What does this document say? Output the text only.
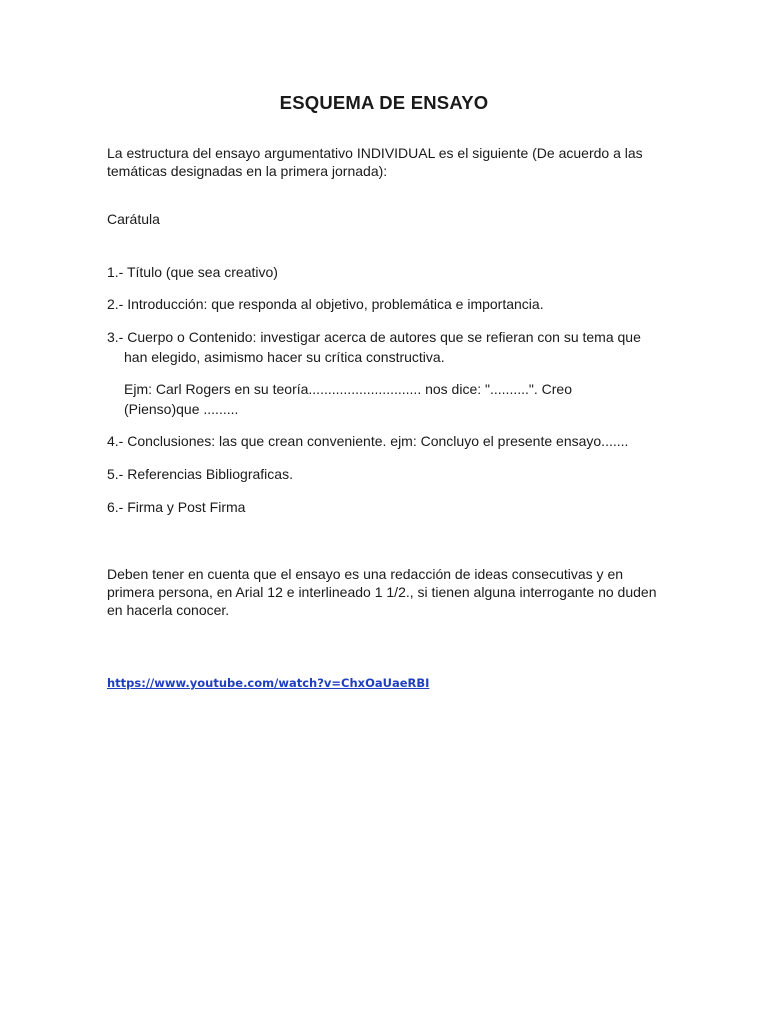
ESQUEMA DE ENSAYO
La estructura del ensayo argumentativo INDIVIDUAL es el siguiente (De acuerdo a las temáticas designadas en la primera jornada):
Carátula
1.- Título (que sea creativo)
2.- Introducción: que responda al objetivo, problemática e importancia.
3.- Cuerpo o Contenido: investigar acerca de autores que se refieran con su tema que
han elegido, asimismo hacer su crítica constructiva.
Ejm: Carl Rogers en su teoría............................. nos dice: "..........". Creo
(Pienso)que .........
4.- Conclusiones: las que crean conveniente. ejm: Concluyo el presente ensayo.......
5.- Referencias Bibliograficas.
6.- Firma y Post Firma
Deben tener en cuenta que el ensayo es una redacción de ideas consecutivas y en primera persona, en Arial 12 e interlineado 1 1/2., si tienen alguna interrogante no duden en hacerla conocer.
https://www.youtube.com/watch?v=ChxOaUaeRBI
